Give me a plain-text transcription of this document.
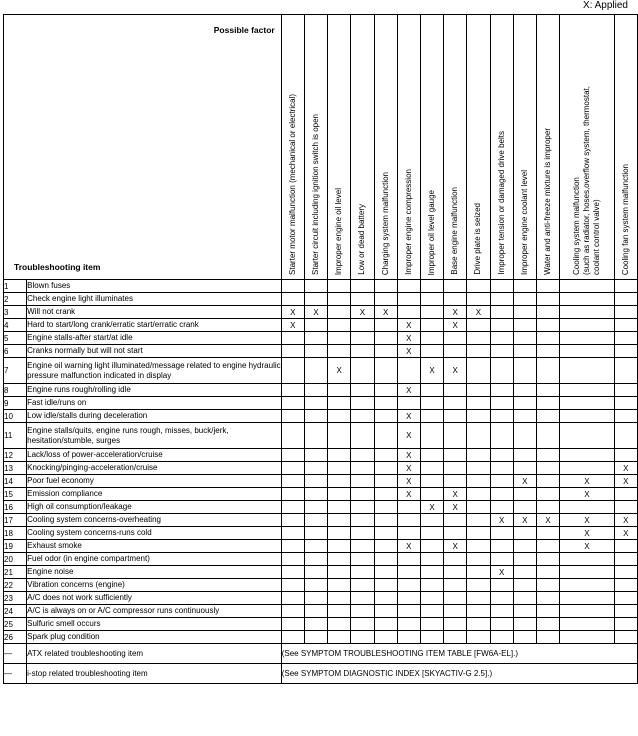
X: Applied
Possible factor
Troubleshooting item		Starter motor malfunction (mechanical or electrical)	Starter circuit including ignition switch is open	Improper engine oil level	Low or dead battery	Charging system malfunction	Improper engine compression	Improper oil level gauge	Base engine malfunction	Drive plate is seized	Improper tension or damaged drive belts	Improper engine coolant level	Water and anti-freeze mixture is improper	Cooling system malfunction
(such as radiator, hoses,overflow system, thermostat,
coolant control valve)	Cooling fan system malfunction

1	Blown fuses														
2	Check engine light illuminates														
3	Will not crank	X	X		X	X			X	X					
4	Hard to start/long crank/erratic start/erratic crank	X					X		X						
5	Engine stalls-after start/at idle						X								
6	Cranks normally but will not start						X								
7	Engine oil warning light illuminated/message related to engine hydraulic pressure malfunction indicated in display			X				X	X						
8	Engine runs rough/rolling idle						X								
9	Fast idle/runs on														
10	Low idle/stalls during deceleration						X								
11	Engine stalls/quits, engine runs rough, misses, buck/jerk, hesitation/stumble, surges						X								
12	Lack/loss of power-acceleration/cruise						X								
13	Knocking/pinging-acceleration/cruise						X								X
14	Poor fuel economy						X					X		X	X
15	Emission compliance						X		X					X	
16	High oil consumption/leakage							X	X						
17	Cooling system concerns-overheating										X	X	X	X	X
18	Cooling system concerns-runs cold													X	X
19	Exhaust smoke						X		X					X	
20	Fuel odor (in engine compartment)														
21	Engine noise										X				
22	Vibration concerns (engine)														
23	A/C does not work sufficiently														
24	A/C is always on or A/C compressor runs continuously														
25	Sulfuric smell occurs														
26	Spark plug condition														
—	ATX related troubleshooting item	(See SYMPTOM TROUBLESHOOTING ITEM TABLE [FW6A-EL].)													
—	i-stop related troubleshooting item	(See SYMPTOM DIAGNOSTIC INDEX [SKYACTIV-G 2.5].)													
